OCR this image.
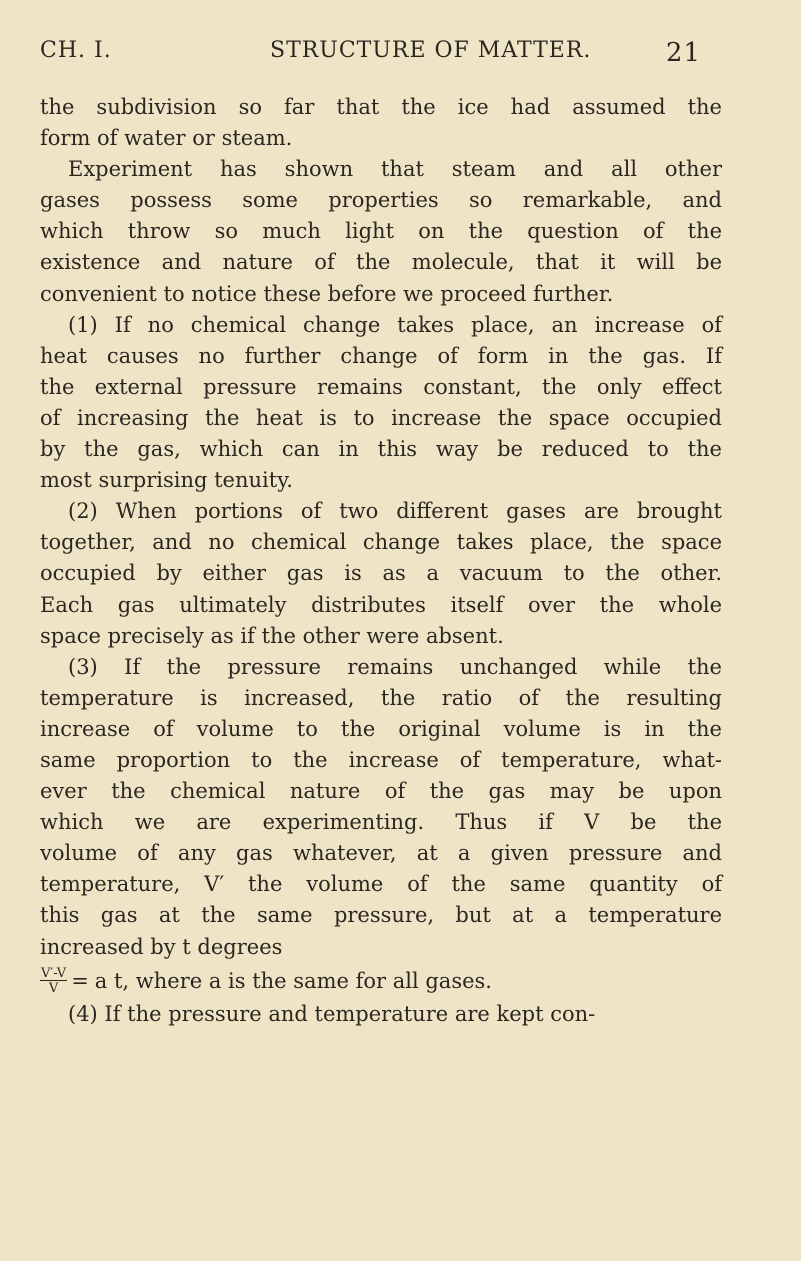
CH. I.	STRUCTURE OF MATTER.	21
the subdivision so far that the ice had assumed the
form of water or steam.
Experiment has shown that steam and all other
gases possess some properties so remarkable, and
which throw so much light on the question of the
existence and nature of the molecule, that it will be
convenient to notice these before we proceed further.
(1) If no chemical change takes place, an increase of
heat causes no further change of form in the gas. If
the external pressure remains constant, the only effect
of increasing the heat is to increase the space occupied
by the gas, which can in this way be reduced to the
most surprising tenuity.
(2) When portions of two different gases are brought
together, and no chemical change takes place, the space
occupied by either gas is as a vacuum to the other.
Each gas ultimately distributes itself over the whole
space precisely as if the other were absent.
(3) If the pressure remains unchanged while the
temperature is increased, the ratio of the resulting
increase of volume to the original volume is in the
same proportion to the increase of temperature, what-
ever the chemical nature of the gas may be upon
which we are experimenting. Thus if V be the
volume of any gas whatever, at a given pressure and
temperature, V′ the volume of the same quantity of
this gas at the same pressure, but at a temperature
increased by t degrees
$\frac{V'-V}{V} = a$ t, where a is the same for all gases.
(4) If the pressure and temperature are kept con-
